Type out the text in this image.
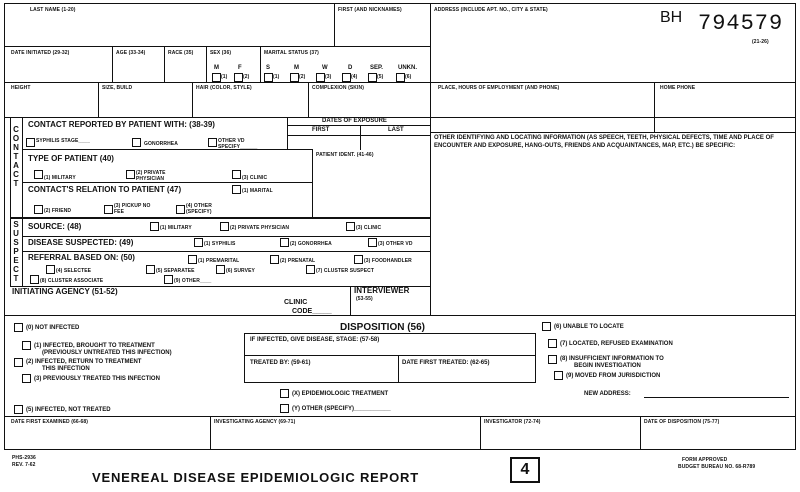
LAST NAME (1-20)	FIRST (AND NICKNAMES)	ADDRESS (INCLUDE APT. NO., CITY & STATE)	BH 794579
(21-26)
DATE INITIATED (29-32)	AGE (33-34)	RACE (35)	SEX (36)	MARITAL STATUS (37)
M	F	S	M	W	D	SEP.	UNKN.
(1)	(2)	(1)	(2)	(3)	(4)	(5)	(6)
HEIGHT	SIZE, BUILD	HAIR (COLOR, STYLE)	COMPLEXION (SKIN)	PLACE, HOURS OF EMPLOYMENT (AND PHONE)	HOME PHONE
OTHER IDENTIFYING AND LOCATING INFORMATION (AS SPEECH, TEETH, PHYSICAL DEFECTS, TIME AND PLACE OF ENCOUNTER AND EXPOSURE, HANG-OUTS, FRIENDS AND ACQUAINTANCES, MAP, ETC.) BE SPECIFIC:
C
O
N
T
A
C
T
CONTACT REPORTED BY PATIENT WITH: (38-39)	DATES OF EXPOSURE
FIRST	LAST
SYPHILIS STAGE____	GONORRHEA	OTHER VD SPECIFY______
PATIENT IDENT. (41-46)
TYPE OF PATIENT (40)
(1) MILITARY
(2) PRIVATE PHYSICIAN	(3) CLINIC
CONTACT'S RELATION TO PATIENT (47)	(1) MARITAL
(2) FRIEND
(3) PICKUP NO FEE
(4) OTHER (SPECIFY)
S
U
S
P
E
C
T
SOURCE: (48)	(1) MILITARY	(2) PRIVATE PHYSICIAN	(3) CLINIC
DISEASE SUSPECTED: (49)	(1) SYPHILIS	(2) GONORRHEA	(3) OTHER VD
REFERRAL BASED ON: (50)	(1) PREMARITAL	(2) PRENATAL	(3) FOODHANDLER
(4) SELECTEE	(5) SEPARATEE	(6) SURVEY	(7) CLUSTER SUSPECT
(8) CLUSTER ASSOCIATE	(9) OTHER____
INITIATING AGENCY (51-52)
CLINIC
CODE_____
INTERVIEWER
(53-55)
DISPOSITION (56)
(0) NOT INFECTED
(1) INFECTED, BROUGHT TO TREATMENT
(PREVIOUSLY UNTREATED THIS INFECTION)
(2) INFECTED, RETURN TO TREATMENT
THIS INFECTION
(3) PREVIOUSLY TREATED THIS INFECTION
(5) INFECTED, NOT TREATED
IF INFECTED, GIVE DISEASE, STAGE: (57-58)
TREATED BY: (59-61)	DATE FIRST TREATED: (62-65)
(X) EPIDEMIOLOGIC TREATMENT
(Y) OTHER (SPECIFY)___________
(6) UNABLE TO LOCATE
(7) LOCATED, REFUSED EXAMINATION
(8) INSUFFICIENT INFORMATION TO
BEGIN INVESTIGATION
(9) MOVED FROM JURISDICTION
NEW ADDRESS:
DATE FIRST EXAMINED (66-68)	INVESTIGATING AGENCY (69-71)	INVESTIGATOR (72-74)	DATE OF DISPOSITION (75-77)
PHS-2936
REV. 7-62
VENEREAL DISEASE EPIDEMIOLOGIC REPORT	4
FORM APPROVED
BUDGET BUREAU NO. 68-R789
